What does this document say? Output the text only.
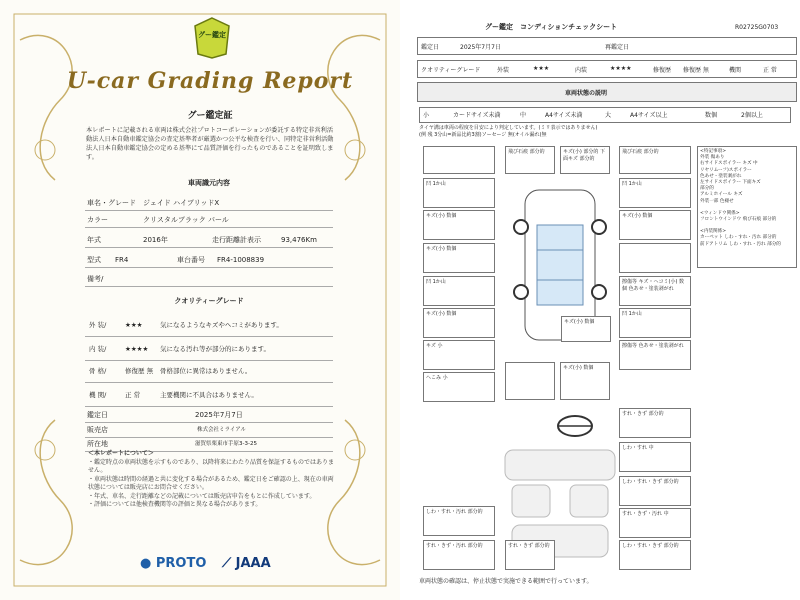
グー鑑定
U-car Grading Report
グー鑑定証
本レポートに記載される車両は株式会社プロトコーポレーションが委託する特定非営利活動法人日本自動車鑑定協会の査定基準者が厳選かつ公平な検査を行い、同特定非営利活動法人日本自動車鑑定協会の定める基準にて品質評価を行ったものであることを証明致します。
車両識元内容
車名・グレード ジェイド ハイブリッドX
カラー	クリスタルブラック パール
年式	2016年	走行距離計表示	93,476Km
型式 FR4	車台番号 FR4-1008839
備考/
クオリティーグレード
外 装/	★★★	気になるようなキズやヘコミがあります。
内 装/	★★★★ 気になる汚れ等が部分的にあります。
骨 格/	修復歴 無 骨格部位に異常はありません。
機 関/	正 常	主要機関に不具合はありません。
鑑定日	2025年7月7日
販売店	株式会社ミライアル
所在地	滋賀県栗東市手原3-3-25
＜本レポートについて＞
・鑑定時点の車両状態を示すものであり、以降将来にわたり品質を保証するものではありません。
・車両状態は時間の経過と共に変化する場合があるため、鑑定日をご確認の上、現在の車両状態については販売店にお問合せください。
・年式、車名、走行距離などの記載については販売店申告をもとに作成しています。
・評価については他検査機関等の評価と異なる場合があります。
● PROTO ⟋ JAAA
グー鑑定　コンディションチェックシート	R02725G0703
鑑定日	2025年7月7日	再鑑定日
クオリティーグレード	外装	★★★	内装	★★★★	修復歴 修復歴 無	機関	正 常
車両状態の説明
小	カードサイズ未満	中	A4サイズ未満	大	A4サイズ以上	数個	2個以上
タイヤ溝は車両の程度を目安により判定しています。(ミリ表示ではありません)
(例 残 3分山=新品比約3割)ソーセージ 無(オイル漏れ)無
<特記事項>
外装 傷あり
右サイドスポイラー キズ 中
リヤリムーフ)スポイラー
色あせ・塗装剥がれ
左サイドスポイラー 下面キズ
部分的
アルミホイール キズ
外装一部 色褪せ
<ウィンドウ関係>
フロントウインドウ 飛び石痕 部分的
<内装関係>
カーペット しわ・すれ・汚れ 部分的
前ドアトリム しわ・すれ・汚れ 部分的
飛び石痕 部分的	キズ(小) 部分的 下面キズ 部分的
飛び石痕 部分的
凹 1か山	凹 1か山
キズ(小) 数個	キズ(小) 数個
キズ(小) 数個
凹 1か山	擦傷等 キズ・ヘコミ(小) 数個 色あせ・塗装剥がれ
キズ(小) 数個	凹 1か山
キズ(小) 数個
擦傷等 色あせ・塗装剥がれ
キズ 小
キズ(小) 数個
へこみ 小
すれ・きず 部分的
しわ・すれ 中
しわ・すれ・きず 部分的
しわ・すれ・汚れ 部分的	すれ・きず・汚れ 中
すれ・きず・汚れ 部分的	しわ・すれ・きず 部分的
すれ・きず 部分的
車両状態の確認は、停止状態で実施できる範囲で行っています。
